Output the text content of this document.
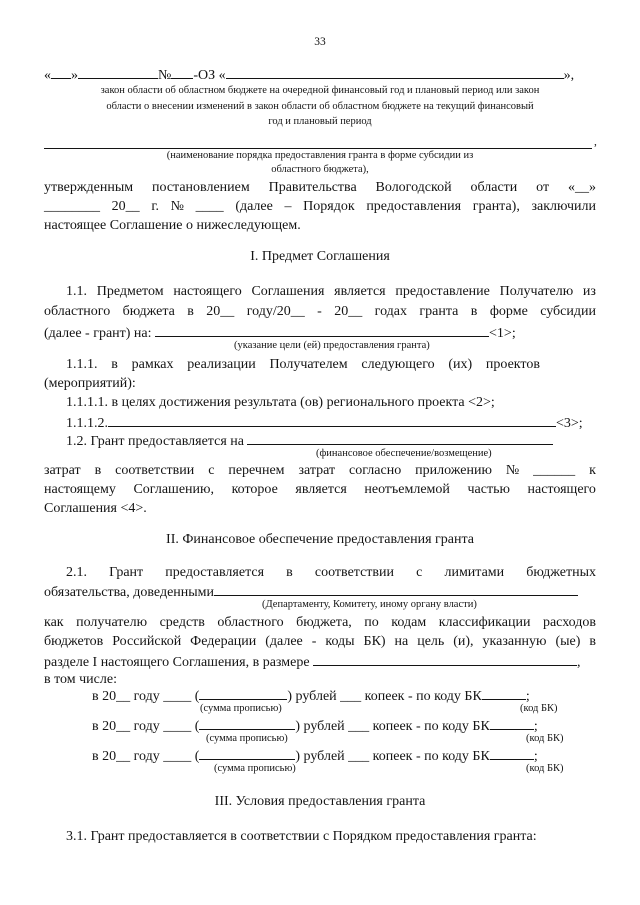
33
« »	№ -ОЗ «	»,
закон области об областном бюджете на очередной финансовый год и плановый период или закон
области о внесении изменений в закон области об областном бюджете на текущий финансовый
год и плановый период
,
(наименование порядка предоставления гранта в форме субсидии из
областного бюджета),
утвержденным постановлением Правительства Вологодской области от «__»
________ 20__ г. № ____ (далее – Порядок предоставления гранта), заключили
настоящее Соглашение о нижеследующем.
I. Предмет Соглашения
1.1. Предметом настоящего Соглашения является предоставление Получателю из
областного бюджета в 20__ году/20__ - 20__ годах гранта в форме субсидии
(далее - грант) на:	<1>;
(указание цели (ей) предоставления гранта)
1.1.1. в рамках реализации Получателем следующего (их) проектов
(мероприятий):
1.1.1.1. в целях достижения результата (ов) регионального проекта <2>;
1.1.1.2.	<3>;
1.2. Грант предоставляется на
(финансовое обеспечение/возмещение)
затрат в соответствии с перечнем затрат согласно приложению № ______ к
настоящему Соглашению, которое является неотъемлемой частью настоящего
Соглашения <4>.
II. Финансовое обеспечение предоставления гранта
2.1. Грант предоставляется в соответствии с лимитами бюджетных
обязательства, доведенными
(Департаменту, Комитету, иному органу власти)
как получателю средств областного бюджета, по кодам классификации расходов
бюджетов Российской Федерации (далее - коды БК) на цель (и), указанную (ые) в
разделе I настоящего Соглашения, в размере	,
в том числе:
в 20__ году ____ (	) рублей ___ копеек - по коду БК	;
(сумма прописью)	(код БК)
в 20__ году ____ (	) рублей ___ копеек - по коду БК	;
(сумма прописью)	(код БК)
в 20__ году ____ (	) рублей ___ копеек - по коду БК	;
(сумма прописью)	(код БК)
III. Условия предоставления гранта
3.1. Грант предоставляется в соответствии с Порядком предоставления гранта:
